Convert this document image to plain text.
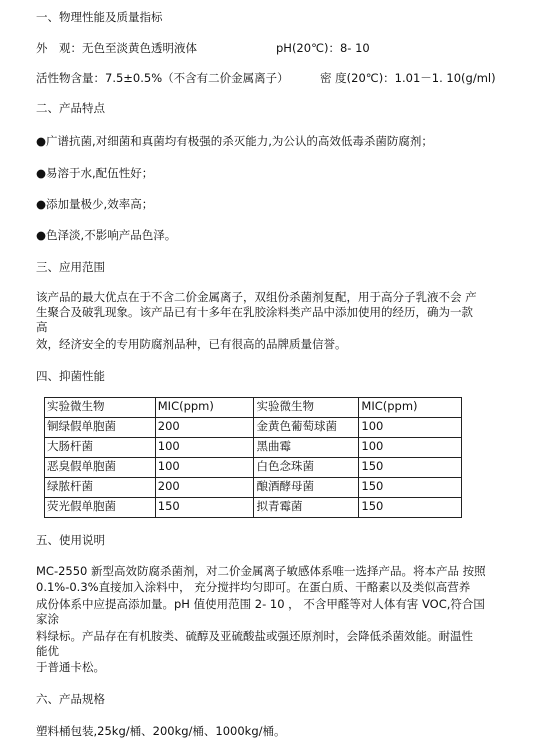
一、物理性能及质量指标
外　观：无色至淡黄色透明液体	pH(20℃)：8- 10
活性物含量：7.5±0.5%（不含有二价金属离子）	密 度(20℃)：1.01－1. 10(g/ml)
二、产品特点
●广谱抗菌,对细菌和真菌均有极强的杀灭能力,为公认的高效低毒杀菌防腐剂；
●易溶于水,配伍性好；
●添加量极少,效率高；
●色泽淡,不影响产品色泽。
三、应用范围
该产品的最大优点在于不含二价金属离子，双组份杀菌剂复配，用于高分子乳液不会 产
生聚合及破乳现象。该产品已有十多年在乳胶涂料类产品中添加使用的经历，确为一款
高
效，经济安全的专用防腐剂品种，已有很高的品牌质量信誉。
四、抑菌性能
实验微生物	MIC(ppm)	实验微生物	MIC(ppm)
铜绿假单胞菌	200	金黄色葡萄球菌	100
大肠杆菌	100	黑曲霉	100
恶臭假单胞菌	100	白色念珠菌	150
绿脓杆菌	200	酿酒酵母菌	150
荧光假单胞菌	150	拟青霉菌	150
五、使用说明
MC-2550 新型高效防腐杀菌剂，对二价金属离子敏感体系唯一选择产品。将本产品 按照
0.1%-0.3%直接加入涂料中， 充分搅拌均匀即可。在蛋白质、干酪素以及类似高营养
成份体系中应提高添加量。pH 值使用范围 2- 10 ， 不含甲醛等对人体有害 VOC,符合国
家涂
料绿标。产品存在有机胺类、硫醇及亚硫酸盐或强还原剂时，会降低杀菌效能。耐温性
能优
于普通卡松。
六、产品规格
塑料桶包装,25kg/桶、200kg/桶、1000kg/桶。
